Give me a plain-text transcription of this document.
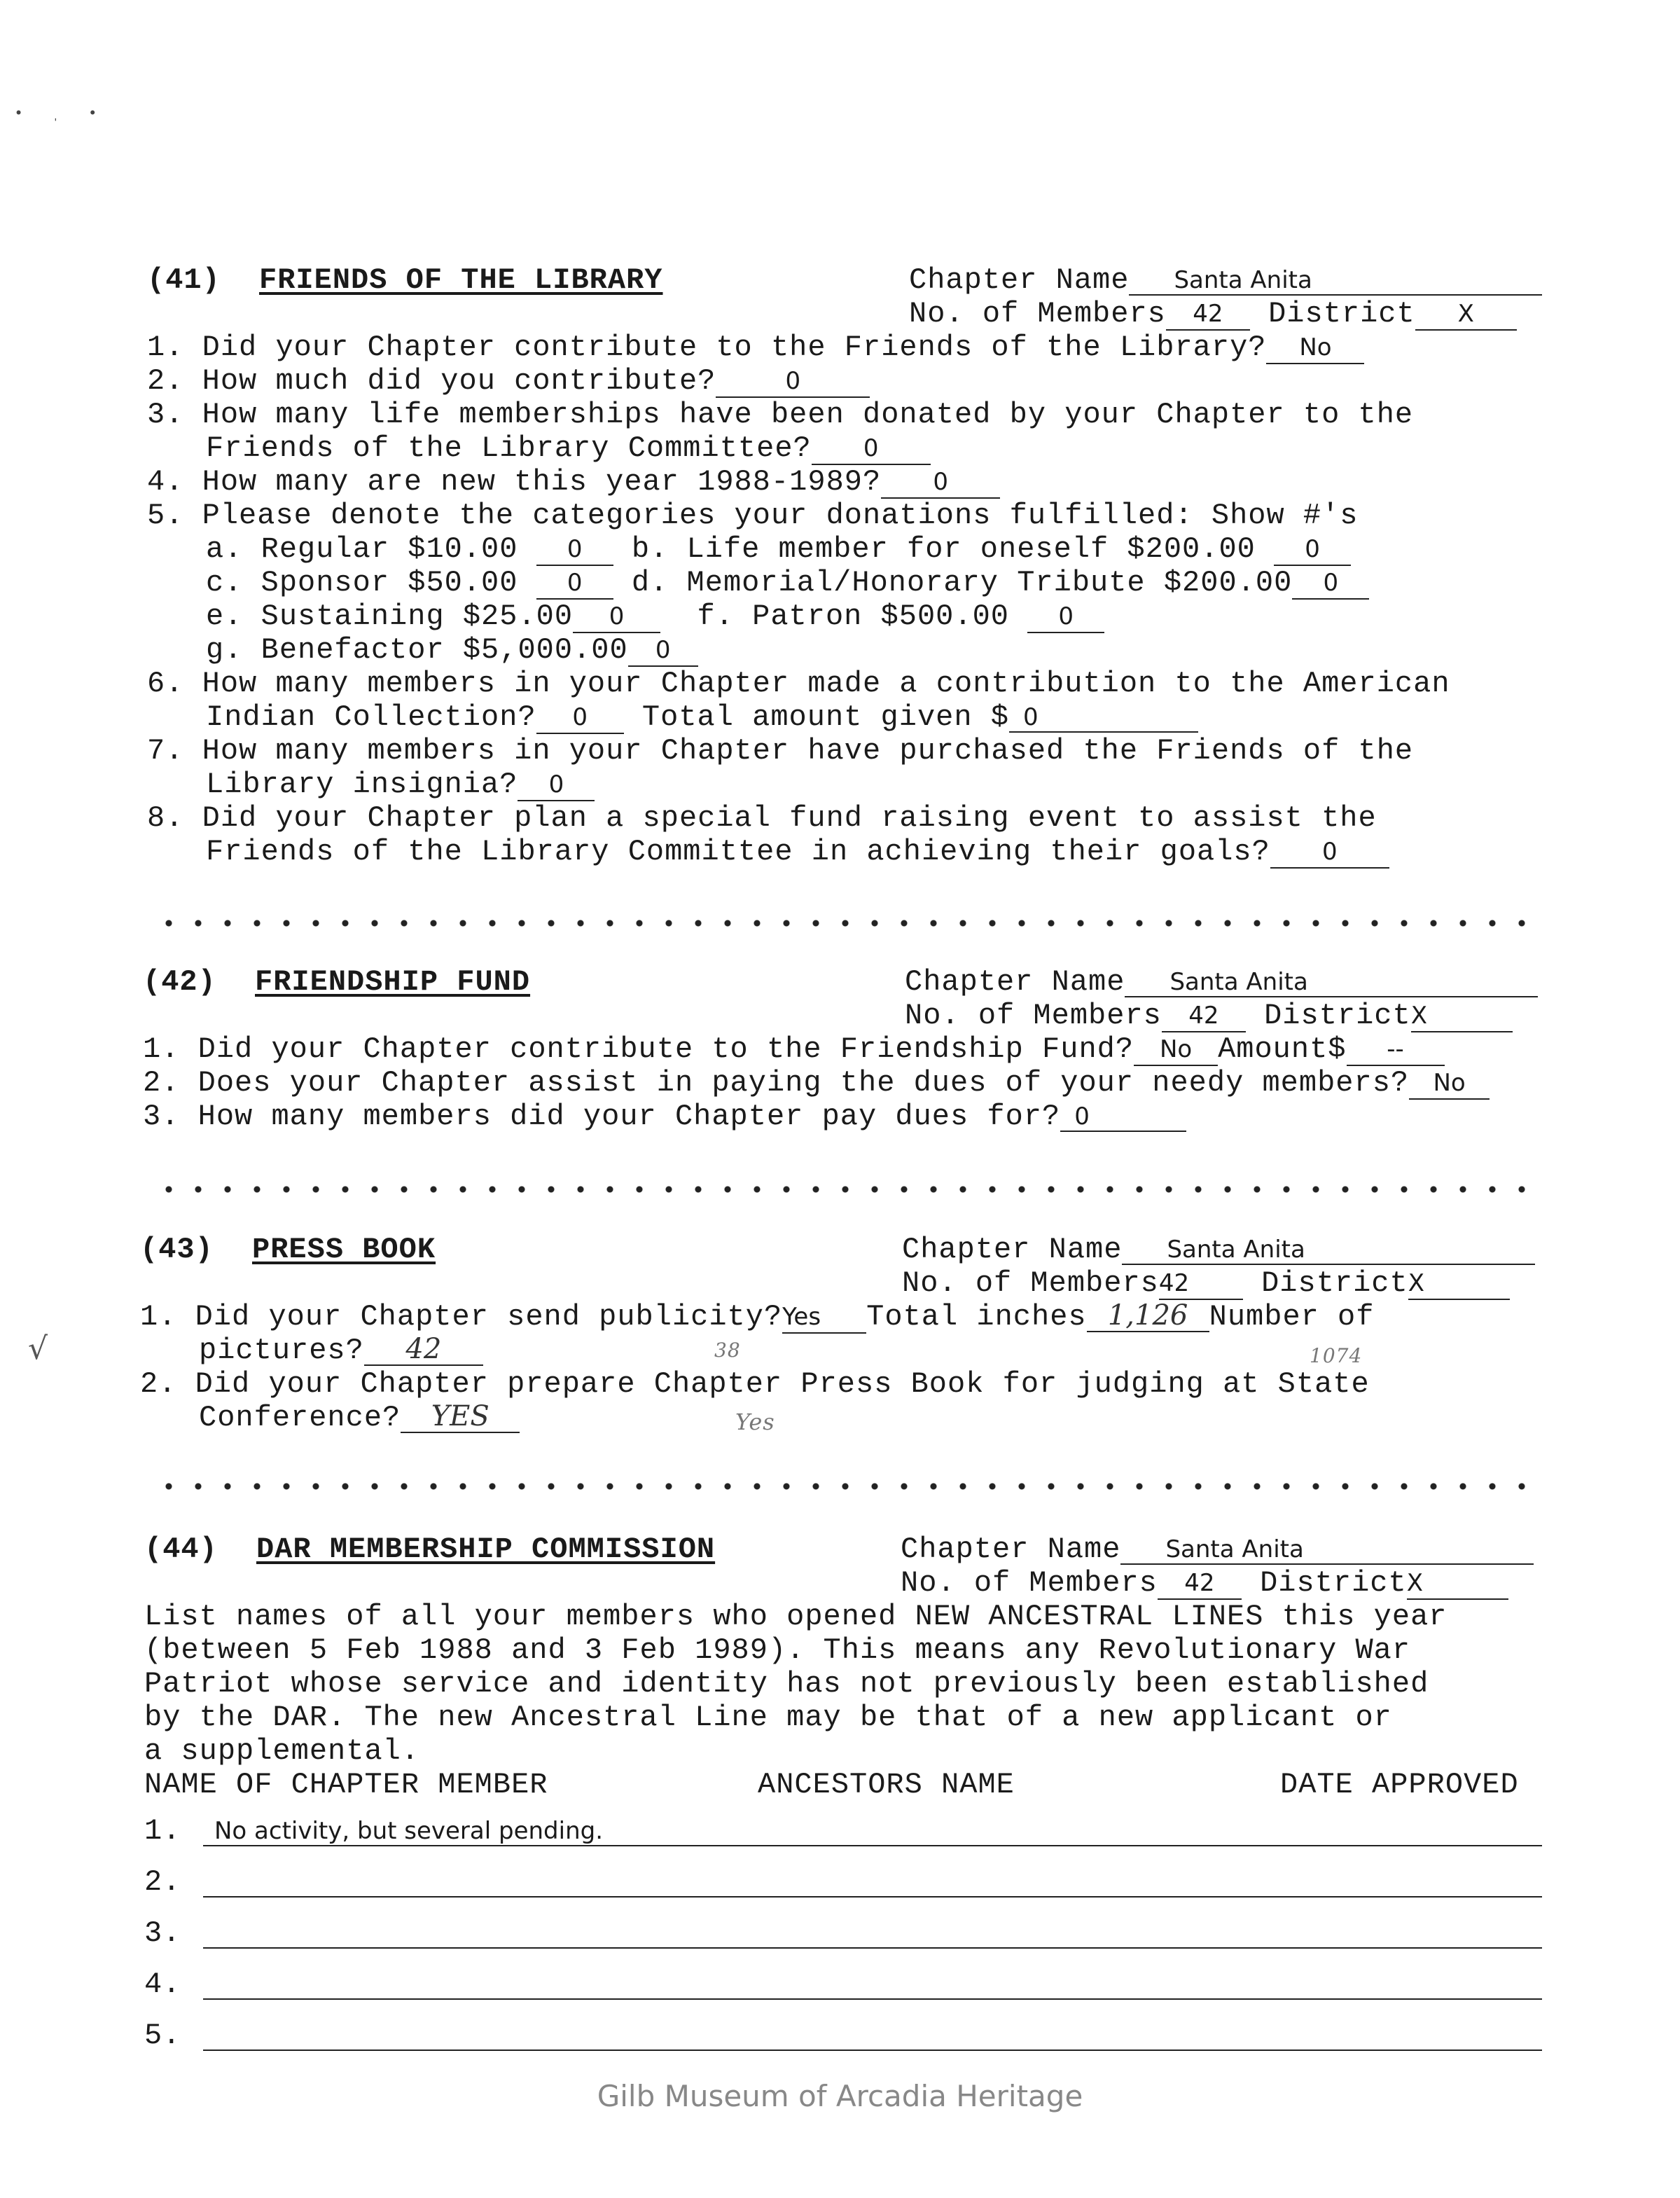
•   ˌ   •
(41) FRIENDS OF THE LIBRARY	Chapter Name Santa Anita
No. of Members 42 District X
1. Did your Chapter contribute to the Friends of the Library? No
2. How much did you contribute?	0
3. How many life memberships have been donated by your Chapter to the
Friends of the Library Committee? 0
4. How many are new this year 1988-1989? 0
5. Please denote the categories your donations fulfilled: Show #'s
a. Regular $10.00 0 b. Life member for oneself $200.00 0
c. Sponsor $50.00 0 d. Memorial/Honorary Tribute $200.00 0
e. Sustaining $25.00 0 f. Patron $500.00 0
g. Benefactor $5,000.00 0
6. How many members in your Chapter made a contribution to the American
Indian Collection? 0 Total amount given $ 0
7. How many members in your Chapter have purchased the Friends of the
Library insignia? 0
8. Did your Chapter plan a special fund raising event to assist the
Friends of the Library Committee in achieving their goals? 0
(42) FRIENDSHIP FUND	Chapter Name Santa Anita
No. of Members 42 DistrictX
1. Did your Chapter contribute to the Friendship Fund? No Amount$ --
2. Does your Chapter assist in paying the dues of your needy members? No
3. How many members did your Chapter pay dues for? 0
(43) PRESS BOOK	Chapter Name Santa Anita
No. of Members42 DistrictX
1. Did your Chapter send publicity?Yes Total inches 1,126 Number of
pictures? 42	38	1074
2. Did your Chapter prepare Chapter Press Book for judging at State
Conference? YES	Yes
√
(44) DAR MEMBERSHIP COMMISSION	Chapter Name Santa Anita
No. of Members 42 DistrictX
List names of all your members who opened NEW ANCESTRAL LINES this year
(between 5 Feb 1988 and 3 Feb 1989). This means any Revolutionary War
Patriot whose service and identity has not previously been established
by the DAR. The new Ancestral Line may be that of a new applicant or
a supplemental.
NAME OF CHAPTER MEMBER	ANCESTORS NAME	DATE APPROVED
1. No activity, but several pending.
2.
3.
4.
5.
Gilb Museum of Arcadia Heritage
